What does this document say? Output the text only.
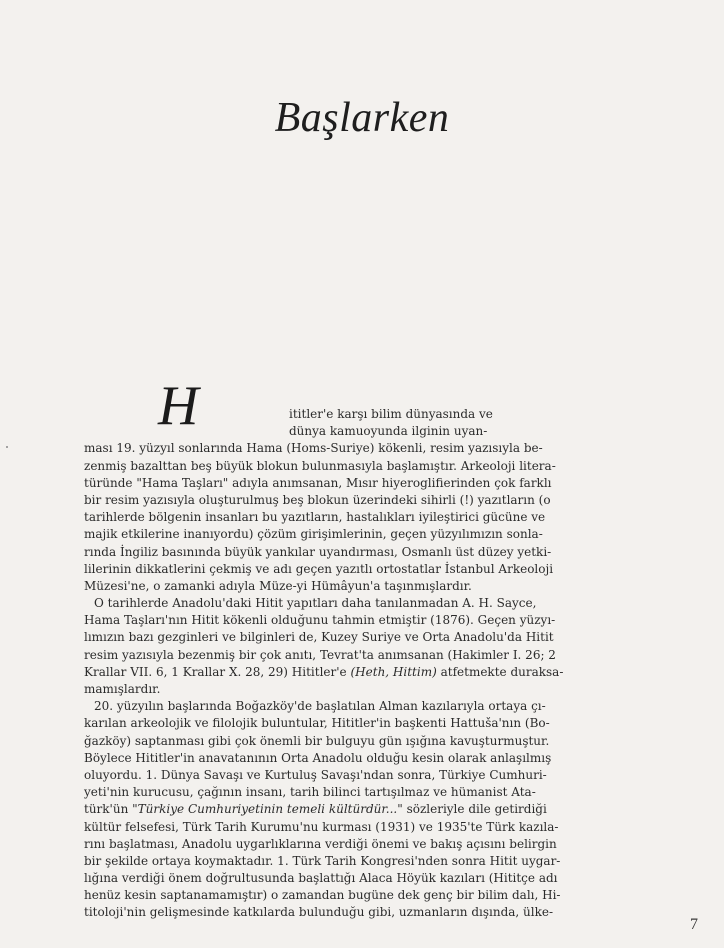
Başlarken
H	ititler'e karşı bilim dünyasında ve
dünya kamuoyunda ilginin uyan-
ması 19. yüzyıl sonlarında Hama (Homs-Suriye) kökenli, resim yazısıyla be-
zenmiş bazalttan beş büyük blokun bulunmasıyla başlamıştır. Arkeoloji litera-
türünde "Hama Taşları" adıyla anımsanan, Mısır hiyeroglifierinden çok farklı
bir resim yazısıyla oluşturulmuş beş blokun üzerindeki sihirli (!) yazıtların (o
tarihlerde bölgenin insanları bu yazıtların, hastalıkları iyileştirici gücüne ve
majik etkilerine inanıyordu) çözüm girişimlerinin, geçen yüzyılımızın sonla-
rında İngiliz basınında büyük yankılar uyandırması, Osmanlı üst düzey yetki-
lilerinin dikkatlerini çekmiş ve adı geçen yazıtlı ortostatlar İstanbul Arkeoloji
Müzesi'ne, o zamanki adıyla Müze-yi Hümâyun'a taşınmışlardır.
O tarihlerde Anadolu'daki Hitit yapıtları daha tanılanmadan A. H. Sayce,
Hama Taşları'nın Hitit kökenli olduğunu tahmin etmiştir (1876). Geçen yüzyı-
lımızın bazı gezginleri ve bilginleri de, Kuzey Suriye ve Orta Anadolu'da Hitit
resim yazısıyla bezenmiş bir çok anıtı, Tevrat'ta anımsanan (Hakimler I. 26; 2
Krallar VII. 6, 1 Krallar X. 28, 29) Hititler'e (Heth, Hittim) atfetmekte duraksa-
mamışlardır.
20. yüzyılın başlarında Boğazköy'de başlatılan Alman kazılarıyla ortaya çı-
karılan arkeolojik ve filolojik buluntular, Hititler'in başkenti Hattuša'nın (Bo-
ğazköy) saptanması gibi çok önemli bir bulguyu gün ışığına kavuşturmuştur.
Böylece Hititler'in anavatanının Orta Anadolu olduğu kesin olarak anlaşılmış
oluyordu. 1. Dünya Savaşı ve Kurtuluş Savaşı'ndan sonra, Türkiye Cumhuri-
yeti'nin kurucusu, çağının insanı, tarih bilinci tartışılmaz ve hümanist Ata-
türk'ün "Türkiye Cumhuriyetinin temeli kültürdür..." sözleriyle dile getirdiği
kültür felsefesi, Türk Tarih Kurumu'nu kurması (1931) ve 1935'te Türk kazıla-
rını başlatması, Anadolu uygarlıklarına verdiği önemi ve bakış açısını belirgin
bir şekilde ortaya koymaktadır. 1. Türk Tarih Kongresi'nden sonra Hitit uygar-
lığına verdiği önem doğrultusunda başlattığı Alaca Höyük kazıları (Hititçe adı
henüz kesin saptanamamıştır) o zamandan bugüne dek genç bir bilim dalı, Hi-
titoloji'nin gelişmesinde katkılarda bulunduğu gibi, uzmanların dışında, ülke-
7
